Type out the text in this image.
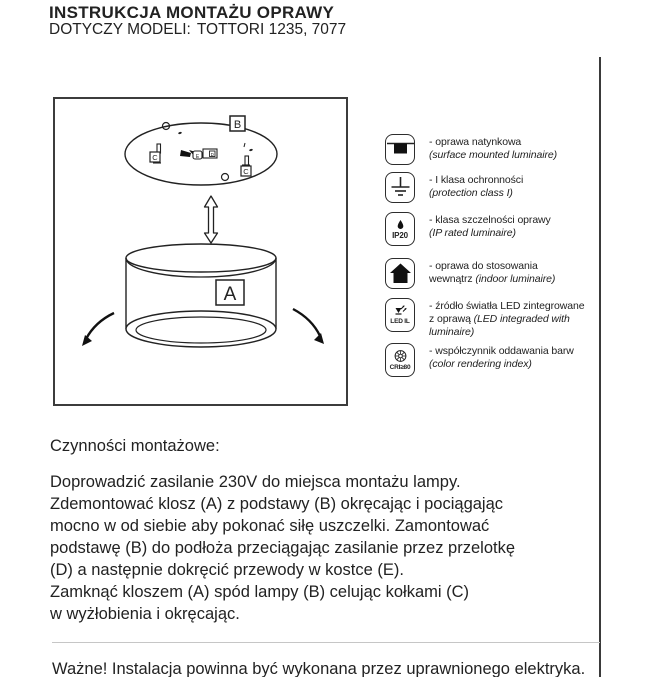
INSTRUKCJA MONTAŻU OPRAWY
DOTYCZY MODELI: TOTTORI 1235, 7077
C
C
E	D
B
A
- oprawa natynkowa
(surface mounted luminaire)
- I klasa ochronności
(protection class I)
IP20
- klasa szczelności oprawy
(IP rated luminaire)
- oprawa do stosowania
wewnątrz (indoor luminaire)
LED IL
- źródło światła LED zintegrowane
z oprawą (LED integraded with
luminaire)
CRI≥80
- współczynnik oddawania barw
(color rendering index)
Czynności montażowe:
Doprowadzić zasilanie 230V do miejsca montażu lampy.
Zdemontować klosz (A) z podstawy (B) okręcając i pociągając
mocno w od siebie aby pokonać siłę uszczelki. Zamontować
podstawę (B) do podłoża przeciągając zasilanie przez przelotkę
(D) a następnie dokręcić przewody w kostce (E).
Zamknąć kloszem (A) spód lampy (B) celując kołkami (C)
w wyżłobienia i okręcając.
Ważne! Instalacja powinna być wykonana przez uprawnionego elektryka.
